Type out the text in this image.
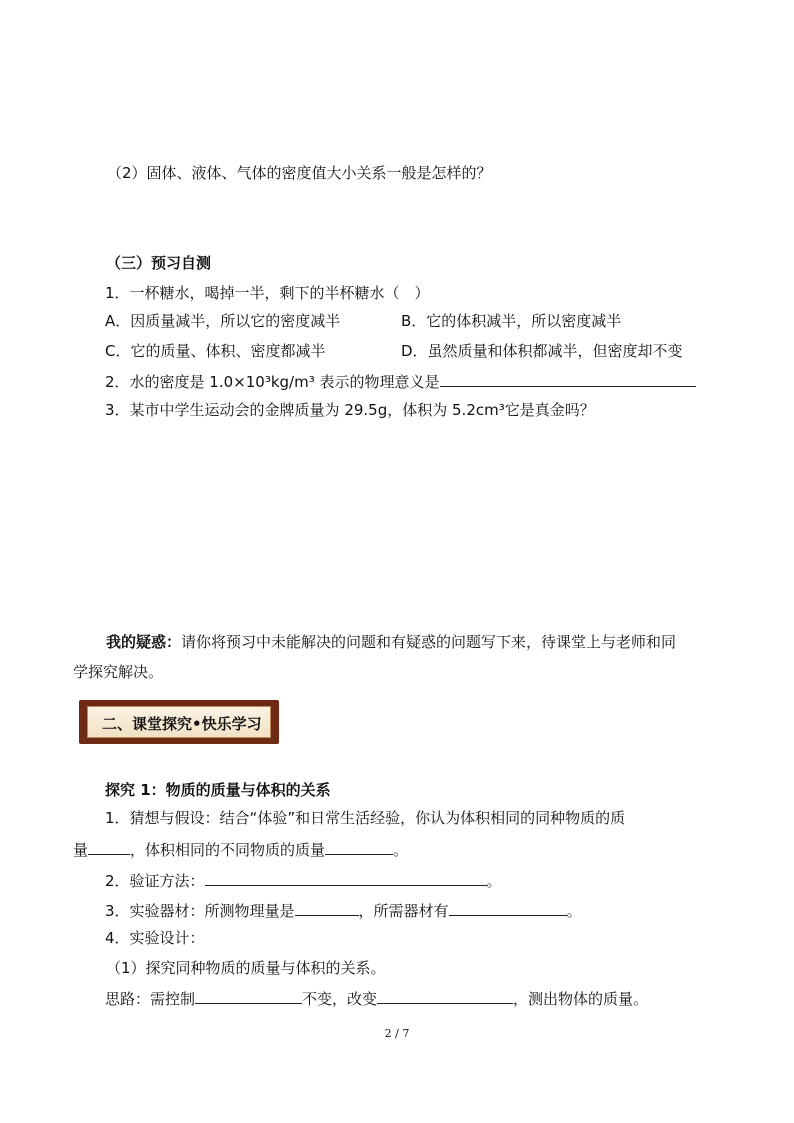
（2）固体、液体、气体的密度值大小关系一般是怎样的？
（三）预习自测
1．一杯糖水，喝掉一半，剩下的半杯糖水（　）
A．因质量减半，所以它的密度减半	B．它的体积减半，所以密度减半
C．它的质量、体积、密度都减半	D．虽然质量和体积都减半，但密度却不变
2．水的密度是 1.0×10³kg/m³ 表示的物理意义是
3．某市中学生运动会的金牌质量为 29.5g，体积为 5.2cm³它是真金吗？
我的疑惑：请你将预习中未能解决的问题和有疑惑的问题写下来，待课堂上与老师和同
学探究解决。
二、课堂探究•快乐学习
探究 1：物质的质量与体积的关系
1．猜想与假设：结合“体验”和日常生活经验，你认为体积相同的同种物质的质
量	，体积相同的不同物质的质量	。
2．验证方法：	。
3．实验器材：所测物理量是	，所需器材有	。
4．实验设计：
（1）探究同种物质的质量与体积的关系。
思路：需控制	不变，改变	，测出物体的质量。
2 / 7
